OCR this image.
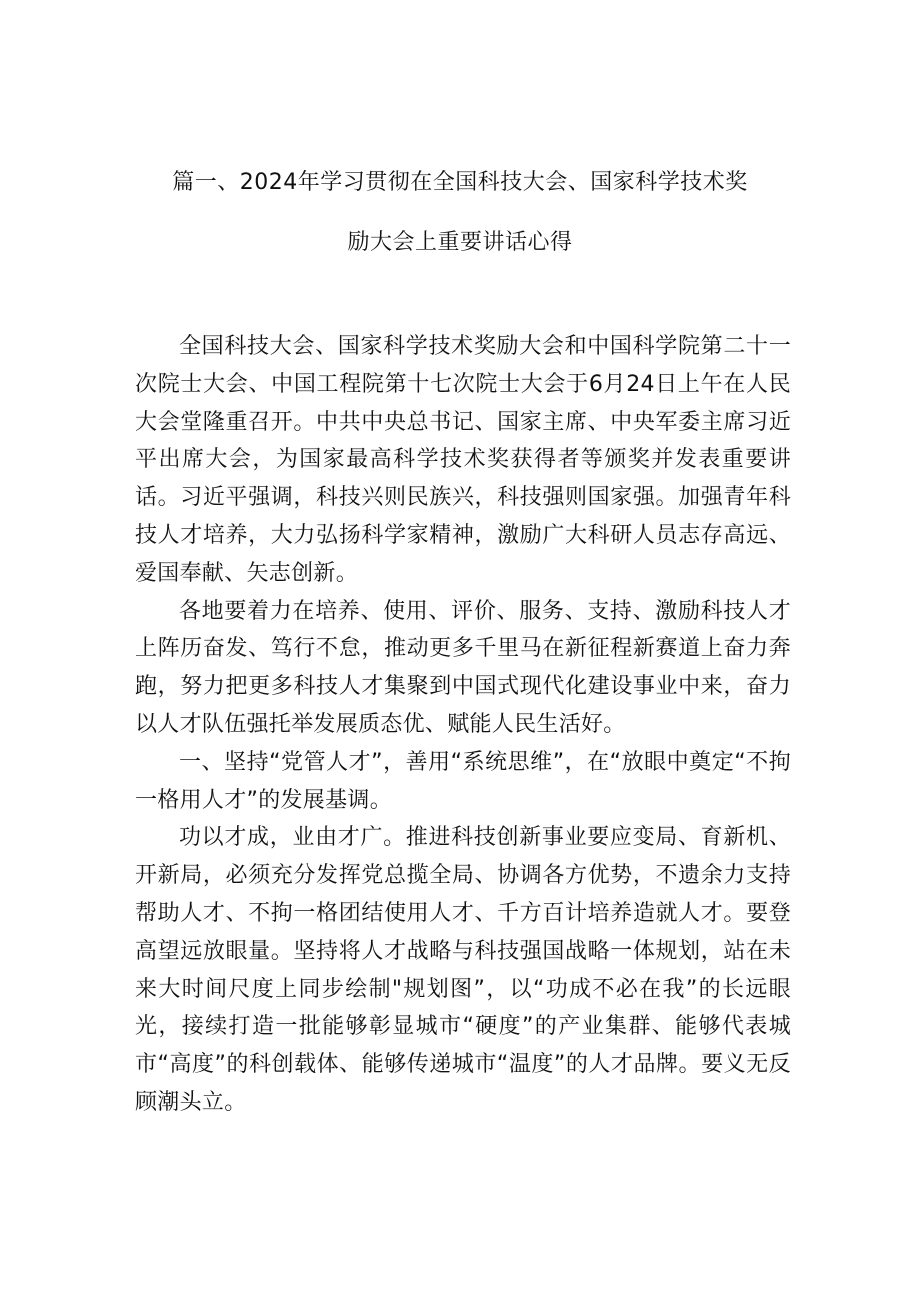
篇一、2024年学习贯彻在全国科技大会、国家科学技术奖
励大会上重要讲话心得

全国科技大会、国家科学技术奖励大会和中国科学院第二十一次院士大会、中国工程院第十七次院士大会于6月24日上午在人民大会堂隆重召开。中共中央总书记、国家主席、中央军委主席习近平出席大会，为国家最高科学技术奖获得者等颁奖并发表重要讲话。习近平强调，科技兴则民族兴，科技强则国家强。加强青年科技人才培养，大力弘扬科学家精神，激励广大科研人员志存高远、爱国奉献、矢志创新。

各地要着力在培养、使用、评价、服务、支持、激励科技人才上阵历奋发、笃行不怠，推动更多千里马在新征程新赛道上奋力奔跑，努力把更多科技人才集聚到中国式现代化建设事业中来，奋力以人才队伍强托举发展质态优、赋能人民生活好。

一、坚持“党管人才”，善用“系统思维”，在“放眼中奠定“不拘一格用人才”的发展基调。

功以才成，业由才广。推进科技创新事业要应变局、育新机、开新局，必须充分发挥党总揽全局、协调各方优势，不遗余力支持帮助人才、不拘一格团结使用人才、千方百计培养造就人才。要登高望远放眼量。坚持将人才战略与科技强国战略一体规划，站在未来大时间尺度上同步绘制"规划图”，以“功成不必在我”的长远眼光，接续打造一批能够彰显城市“硬度”的产业集群、能够代表城市“高度”的科创载体、能够传递城市“温度”的人才品牌。要义无反顾潮头立。
